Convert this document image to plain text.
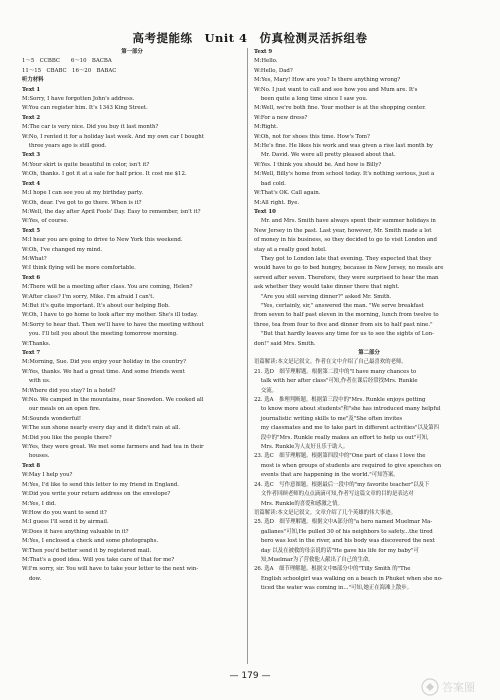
高考提能练　Unit 4　仿真检测灵活拆组卷
第一部分
1～5　CCBBC　　6～10　BACBA
11～15　CBABC　16～20　BABAC
听力材料
Text 1
M:Sorry, I have forgotten John's address.
W:You can register him. It's 1343 King Street.
Text 2
M:The car is very nice. Did you buy it last month?
W:No, I rented it for a holiday last week. And my own car I bought
three years ago is still good.
Text 3
M:Your skirt is quite beautiful in color, isn't it?
W:Oh, thanks. I got it at a sale for half price. It cost me $12.
Text 4
M:I hope I can see you at my birthday party.
W:Oh, dear. I've got to go there. When is it?
M:Well, the day after April Fools' Day. Easy to remember, isn't it?
W:Yes, of course.
Text 5
M:I hear you are going to drive to New York this weekend.
W:Oh, I've changed my mind.
M:What?
W:I think flying will be more comfortable.
Text 6
M:There will be a meeting after class. You are coming, Helen?
W:After class? I'm sorry, Mike. I'm afraid I can't.
M:But it's quite important. It's about our helping Bob.
W:Oh, I have to go home to look after my mother. She's ill today.
M:Sorry to hear that. Then we'll have to have the meeting without
you. I'll tell you about the meeting tomorrow morning.
W:Thanks.
Text 7
M:Morning, Sue. Did you enjoy your holiday in the country?
W:Yes, thanks. We had a great time. And some friends went
with us.
M:Where did you stay? In a hotel?
W:No. We camped in the mountains, near Snowdon. We cooked all
our meals on an open fire.
M:Sounds wonderful!
W:The sun shone nearly every day and it didn't rain at all.
M:Did you like the people there?
W:Yes, they were great. We met some farmers and had tea in their
houses.
Text 8
W:May I help you?
M:Yes, I'd like to send this letter to my friend in England.
W:Did you write your return address on the envelope?
M:Yes, I did.
W:How do you want to send it?
M:I guess I'll send it by airmail.
W:Does it have anything valuable in it?
M:Yes, I enclosed a check and some photographs.
W:Then you'd better send it by registered mail.
M:That's a good idea. Will you take care of that for me?
W:I'm sorry, sir. You will have to take your letter to the next win-
dow.
Text 9
M:Hello.
W:Hello, Dad?
M:Yes, Mary! How are you? Is there anything wrong?
W:No. I just want to call and see how you and Mum are. It's
been quite a long time since I saw you.
M:Well, we're both fine. Your mother is at the shopping center.
W:For a new dress?
M:Right.
W:Oh, not for shoes this time. How's Tom?
M:He's fine. He likes his work and was given a rise last month by
Mr. David. We were all pretty pleased about that.
W:Yes. I think you should be. And how is Billy?
M:Well, Billy's home from school today. It's nothing serious, just a
bad cold.
W:That's OK. Call again.
M:All right. Bye.
Text 10
Mr. and Mrs. Smith have always spent their summer holidays in
New Jersey in the past. Last year, however, Mr. Smith made a lot
of money in his business, so they decided to go to visit London and
stay at a really good hotel.
They got to London late that evening. They expected that they
would have to go to bed hungry, because in New Jersey, no meals are
served after seven. Therefore, they were surprised to hear the man
ask whether they would take dinner there that night.
"Are you still serving dinner?" asked Mr. Smith.
"Yes, certainly, sir," answered the man. "We serve breakfast
from seven to half past eleven in the morning, lunch from twelve to
three, tea from four to five and dinner from six to half past nine."
"But that hardly leaves any time for us to see the sights of Lon-
don!" said Mrs. Smith.
第二部分
语篇解读:本文是记叙文。作者在文中介绍了自己最喜欢的老师。
21. 选D　细节理解题。根据第二段中的"I have many chances to
talk with her after class"可知,作者在课后经常找Mrs. Runkle
交流。
22. 选A　推理判断题。根据第三段中的"Mrs. Runkle enjoys getting
to know more about students"和"she has introduced many helpful
journalistic writing skills to me"及"She often invites
my classmates and me to take part in different activities"以及第四
段中的"Mrs. Runkle really makes an effort to help us out"可知,
Mrs. Runkle为人友好且乐于助人。
23. 选C　细节理解题。根据第四段中的"One part of class I love the
most is when groups of students are required to give speeches on
events that are happening in the world."可知答案。
24. 选C　写作意图题。根据最后一段中的"my favorite teacher"以及下
文作者回顾老师的点点滴滴可知,作者写这篇文章的目的是表达对
Mrs. Runkle的喜爱和感激之情。
语篇解读:本文是记叙文。文章介绍了几个英雄的伟大事迹。
25. 选D　细节理解题。根据文中A部分的"a hero named Muelmar Ma-
gallanes"可知,He pulled 30 of his neighbors to safety...the tired
hero was lost in the river, and his body was discovered the next
day 以及在被救的母亲说的话"He gave his life for my baby"可
知,Muelmar为了营救他人献出了自己的生命。
26. 选A　细节理解题。根据文中B部分中的"Tilly Smith 的"The
English schoolgirl was walking on a beach in Phuket when she no-
ticed the water was coming in..."可知,她正在海滩上散步。
— 179 —
答案圈
